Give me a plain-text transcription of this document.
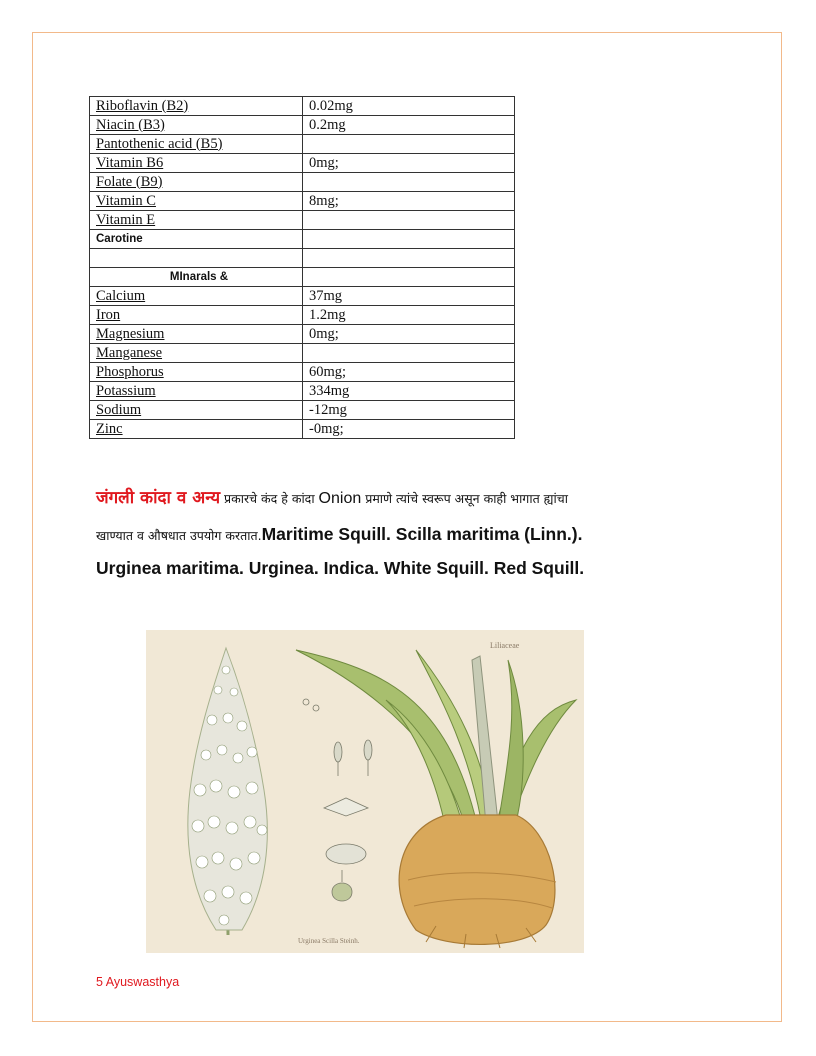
Riboflavin (B2)	0.02mg
Niacin (B3)	0.2mg
Pantothenic acid (B5)	
Vitamin B6	0mg;
Folate (B9)	
Vitamin C	8mg;
Vitamin E	
Carotine	

MInarals &	
Calcium	37mg
Iron	1.2mg
Magnesium	0mg;
Manganese	
Phosphorus	60mg;
Potassium	334mg
Sodium	-12mg
Zinc	-0mg;
जंगली कांदा व अन्य प्रकारचे कंद हे कांदा Onion प्रमाणे त्यांचे स्वरूप असून काही भागात ह्यांचा
खाण्यात व औषधात उपयोग करतात.Maritime Squill. Scilla maritima (Linn.).
Urginea maritima. Urginea. Indica. White Squill. Red Squill.
Liliaceae
Urginea Scilla Steinh.
5 Ayuswasthya
